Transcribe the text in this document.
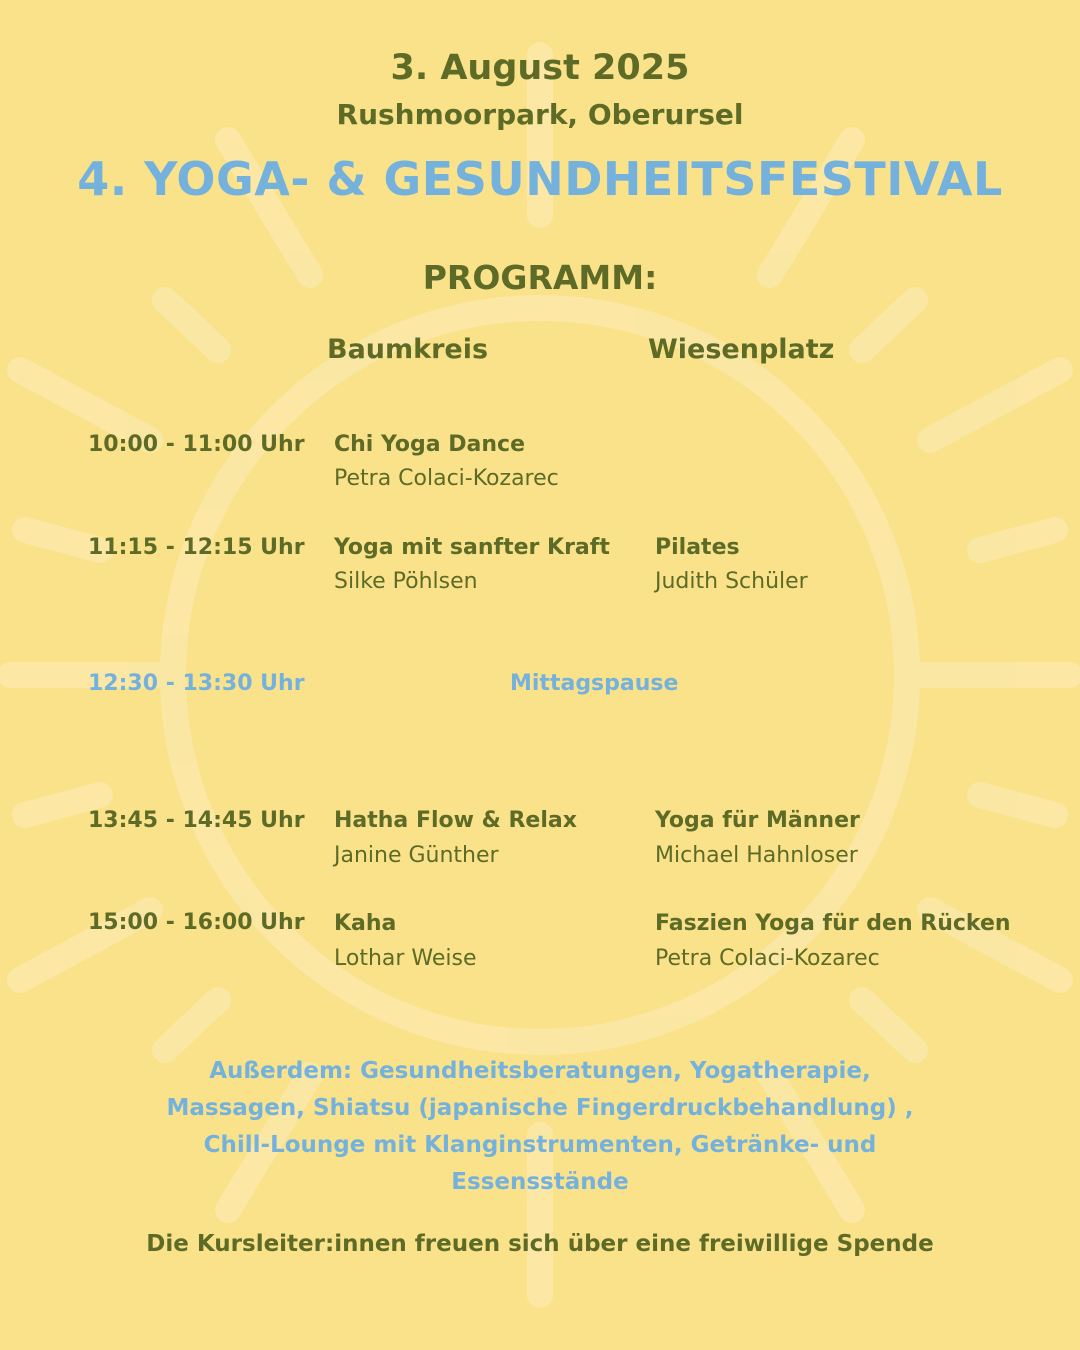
3. August 2025
Rushmoorpark, Oberursel
4. YOGA- & GESUNDHEITSFESTIVAL
PROGRAMM:
Baumkreis	Wiesenplatz
10:00 - 11:00 Uhr Chi Yoga Dance
Petra Colaci-Kozarec
11:15 - 12:15 Uhr Yoga mit sanfter Kraft
Silke Pöhlsen
Pilates
Judith Schüler
12:30 - 13:30 Uhr	Mittagspause
13:45 - 14:45 Uhr Hatha Flow & Relax
Janine Günther
Yoga für Männer
Michael Hahnloser
15:00 - 16:00 Uhr Kaha
Lothar Weise
Faszien Yoga für den Rücken
Petra Colaci-Kozarec
Außerdem: Gesundheitsberatungen, Yogatherapie, Massagen, Shiatsu (japanische Fingerdruckbehandlung) , Chill-Lounge mit Klanginstrumenten, Getränke- und Essensstände
Die Kursleiter:innen freuen sich über eine freiwillige Spende
